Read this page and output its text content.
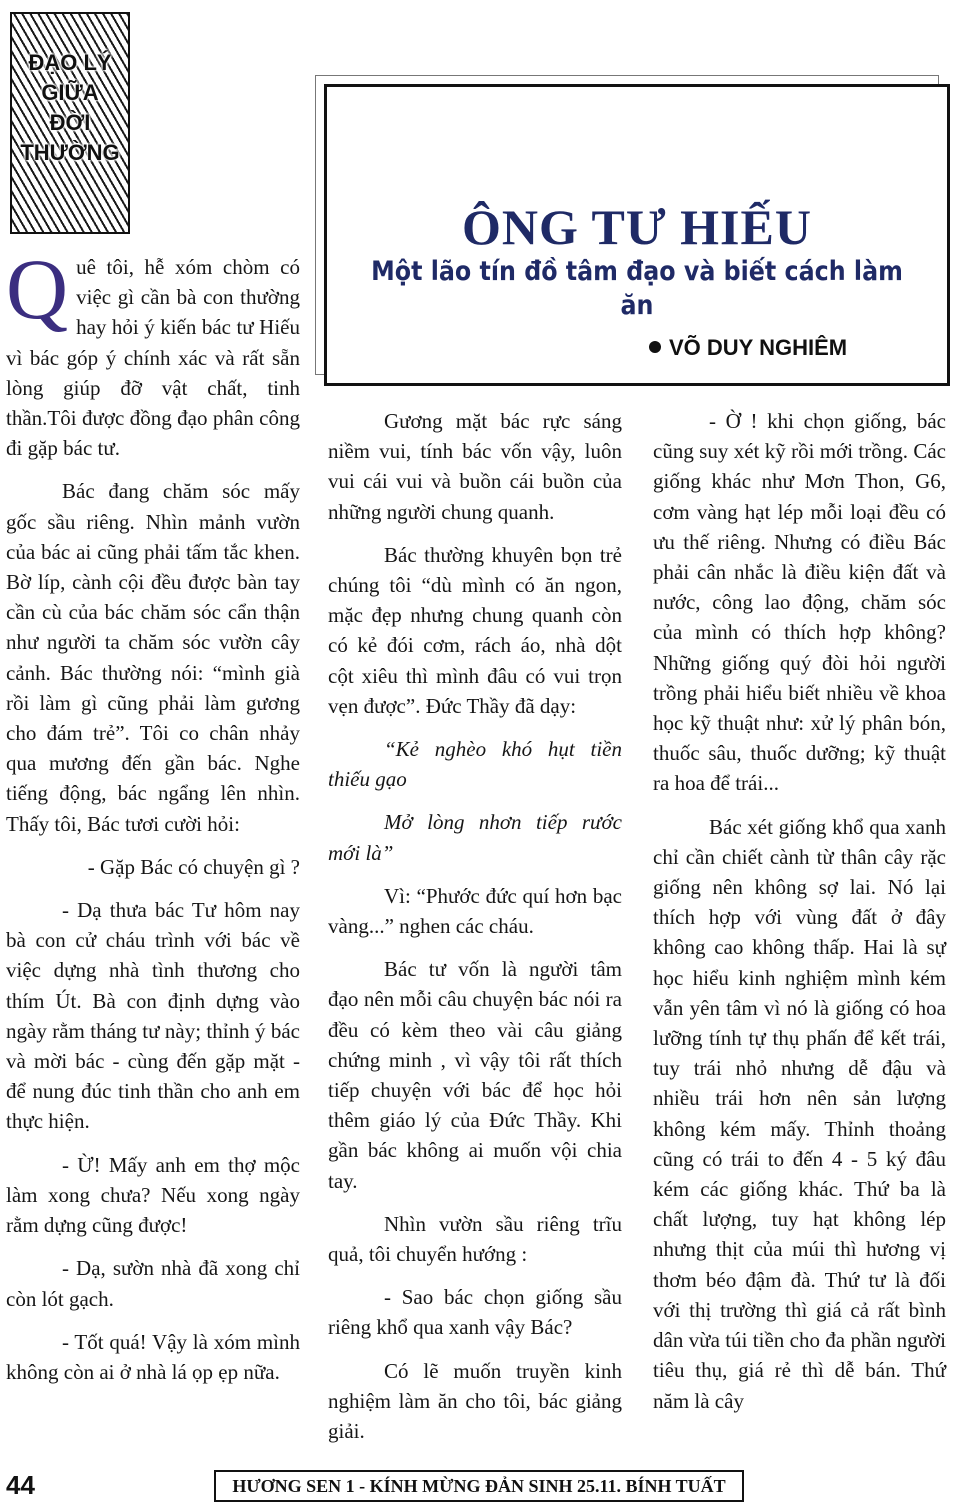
ĐẠO LÝ
GIỮA
ĐỜI
THƯỜNG
ÔNG TƯ HIẾU
Một lão tín đồ tâm đạo và biết cách làm ăn
VÕ DUY NGHIÊM

Quê tôi, hễ xóm chòm có việc gì cần bà con thường hay hỏi ý kiến bác tư Hiếu vì bác góp ý chính xác và rất sẵn lòng giúp đỡ vật chất, tinh thần.Tôi được đồng đạo phân công đi gặp bác tư.

Bác đang chăm sóc mấy gốc sầu riêng. Nhìn mảnh vườn của bác ai cũng phải tấm tắc khen. Bờ líp, cành cội đều được bàn tay cần cù của bác chăm sóc cẩn thận như người ta chăm sóc vườn cây cảnh. Bác thường nói: “mình già rồi làm gì cũng phải làm gương cho đám trẻ”. Tôi co chân nhảy qua mương đến gần bác. Nghe tiếng động, bác ngẩng lên nhìn. Thấy tôi, Bác tươi cười hỏi:

- Gặp Bác có chuyện gì ?

- Dạ thưa bác Tư hôm nay bà con cử cháu trình với bác về việc dựng nhà tình thương cho thím Út. Bà con định dựng vào ngày rằm tháng tư này; thỉnh ý bác và mời bác - cùng đến gặp mặt - để nung đúc tinh thần cho anh em thực hiện.

- Ừ! Mấy anh em thợ mộc làm xong chưa? Nếu xong ngày rằm dựng cũng được!

- Dạ, sườn nhà đã xong chỉ còn lót gạch.

- Tốt quá! Vậy là xóm mình không còn ai ở nhà lá ọp ẹp nữa.

Gương mặt bác rực sáng niềm vui, tính bác vốn vậy, luôn vui cái vui và buồn cái buồn của những người chung quanh.

Bác thường khuyên bọn trẻ chúng tôi “dù mình có ăn ngon, mặc đẹp nhưng chung quanh còn có kẻ đói cơm, rách áo, nhà dột cột xiêu thì mình đâu có vui trọn vẹn được”. Đức Thầy đã dạy:

“Kẻ nghèo khó hụt tiền thiếu gạo

Mở lòng nhơn tiếp rước mới là”

Vì: “Phước đức quí hơn bạc vàng...” nghen các cháu.

Bác tư vốn là người tâm đạo nên mỗi câu chuyện bác nói ra đều có kèm theo vài câu giảng chứng minh , vì vậy tôi rất thích tiếp chuyện với bác để học hỏi thêm giáo lý của Đức Thầy. Khi gần bác không ai muốn vội chia tay.

Nhìn vườn sầu riêng trĩu quả, tôi chuyển hướng :

- Sao bác chọn giống sầu riêng khổ qua xanh vậy Bác?

Có lẽ muốn truyền kinh nghiệm làm ăn cho tôi, bác giảng giải.

- Ờ ! khi chọn giống, bác cũng suy xét kỹ rồi mới trồng. Các giống khác như Mơn Thon, G6, cơm vàng hạt lép mỗi loại đều có ưu thế riêng. Nhưng có điều Bác phải cân nhắc là điều kiện đất và nước, công lao động, chăm sóc của mình có thích hợp không? Những giống quý đòi hỏi người trồng phải hiểu biết nhiều về khoa học kỹ thuật như: xử lý phân bón, thuốc sâu, thuốc dưỡng; kỹ thuật ra hoa để trái...

Bác xét giống khổ qua xanh chỉ cần chiết cành từ thân cây rặc giống nên không sợ lai. Nó lại thích hợp với vùng đất ở đây không cao không thấp. Hai là sự học hiểu kinh nghiệm mình kém vẫn yên tâm vì nó là giống có hoa lưỡng tính tự thụ phấn để kết trái, tuy trái nhỏ nhưng dễ đậu và nhiều trái hơn nên sản lượng không kém mấy. Thỉnh thoảng cũng có trái to đến 4 - 5 ký đâu kém các giống khác. Thứ ba là chất lượng, tuy hạt không lép nhưng thịt của múi thì hương vị thơm béo đậm đà. Thứ tư là đối với thị trường thì giá cả rất bình dân vừa túi tiền cho đa phần người tiêu thụ, giá rẻ thì dễ bán. Thứ năm là cây

44	HƯƠNG SEN 1 - KÍNH MỪNG ĐẢN SINH 25.11. BÍNH TUẤT
